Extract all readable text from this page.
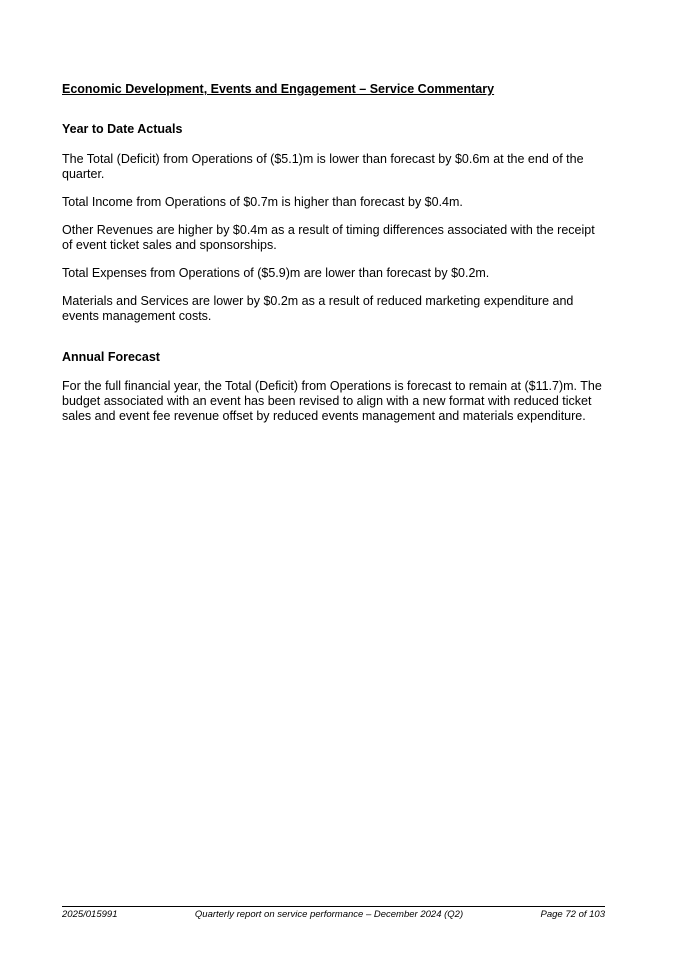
Economic Development, Events and Engagement – Service Commentary
Year to Date Actuals

The Total (Deficit) from Operations of ($5.1)m is lower than forecast by $0.6m at the end of the quarter.

Total Income from Operations of $0.7m is higher than forecast by $0.4m.

Other Revenues are higher by $0.4m as a result of timing differences associated with the receipt of event ticket sales and sponsorships.

Total Expenses from Operations of ($5.9)m are lower than forecast by $0.2m.

Materials and Services are lower by $0.2m as a result of reduced marketing expenditure and events management costs.

Annual Forecast

For the full financial year, the Total (Deficit) from Operations is forecast to remain at ($11.7)m. The budget associated with an event has been revised to align with a new format with reduced ticket sales and event fee revenue offset by reduced events management and materials expenditure.

2025/015991	Quarterly report on service performance – December 2024 (Q2)	Page 72 of 103
